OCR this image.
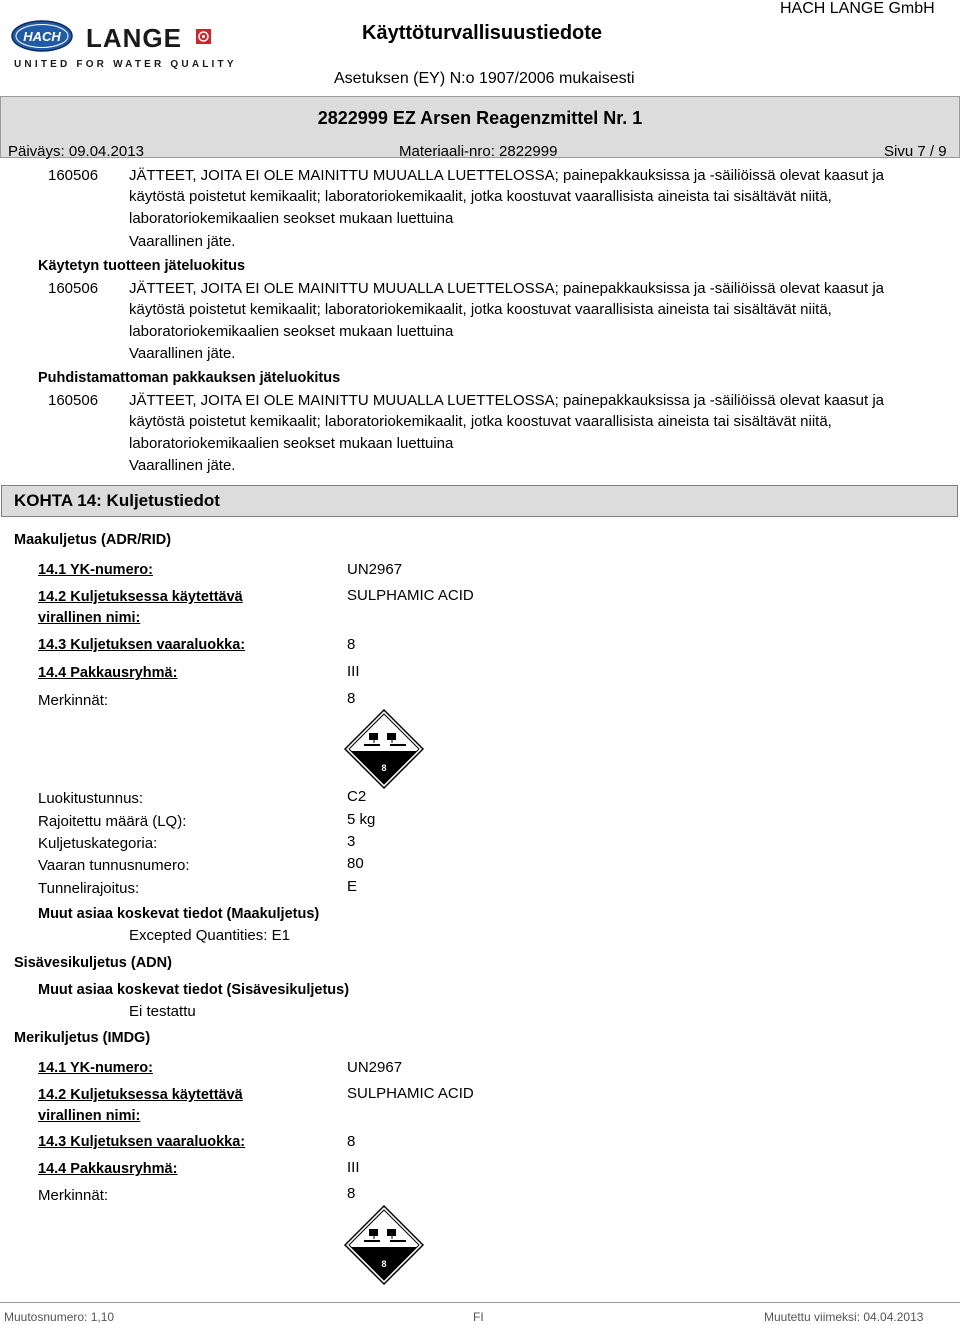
HACH LANGE
UNITED FOR WATER QUALITY
Käyttöturvallisuustiedote
HACH LANGE GmbH
Asetuksen (EY) N:o 1907/2006 mukaisesti
2822999 EZ Arsen Reagenzmittel Nr. 1
Päiväys: 09.04.2013	Materiaali-nro: 2822999	Sivu 7 / 9
160506 JÄTTEET, JOITA EI OLE MAINITTU MUUALLA LUETTELOSSA; painepakkauksissa ja -säiliöissä olevat kaasut ja käytöstä poistetut kemikaalit; laboratoriokemikaalit, jotka koostuvat vaarallisista aineista tai sisältävät niitä, laboratoriokemikaalien seokset mukaan luettuina
Vaarallinen jäte.
Käytetyn tuotteen jäteluokitus
160506 JÄTTEET, JOITA EI OLE MAINITTU MUUALLA LUETTELOSSA; painepakkauksissa ja -säiliöissä olevat kaasut ja käytöstä poistetut kemikaalit; laboratoriokemikaalit, jotka koostuvat vaarallisista aineista tai sisältävät niitä, laboratoriokemikaalien seokset mukaan luettuina
Vaarallinen jäte.
Puhdistamattoman pakkauksen jäteluokitus
160506 JÄTTEET, JOITA EI OLE MAINITTU MUUALLA LUETTELOSSA; painepakkauksissa ja -säiliöissä olevat kaasut ja käytöstä poistetut kemikaalit; laboratoriokemikaalit, jotka koostuvat vaarallisista aineista tai sisältävät niitä, laboratoriokemikaalien seokset mukaan luettuina
Vaarallinen jäte.
KOHTA 14: Kuljetustiedot
Maakuljetus (ADR/RID)
14.1 YK-numero:	UN2967
14.2 Kuljetuksessa käytettävä
virallinen nimi:
SULPHAMIC ACID
14.3 Kuljetuksen vaaraluokka:	8
14.4 Pakkausryhmä:	III
Merkinnät:	8
8
Luokitustunnus:	C2
Rajoitettu määrä (LQ):	5 kg
Kuljetuskategoria:	3
Vaaran tunnusnumero:	80
Tunnelirajoitus:	E
Muut asiaa koskevat tiedot (Maakuljetus)
Excepted Quantities: E1
Sisävesikuljetus (ADN)
Muut asiaa koskevat tiedot (Sisävesikuljetus)
Ei testattu
Merikuljetus (IMDG)
14.1 YK-numero:	UN2967
14.2 Kuljetuksessa käytettävä
virallinen nimi:
SULPHAMIC ACID
14.3 Kuljetuksen vaaraluokka:	8
14.4 Pakkausryhmä:	III
Merkinnät:	8
8
Muutosnumero: 1,10	FI	Muutettu viimeksi: 04.04.2013
